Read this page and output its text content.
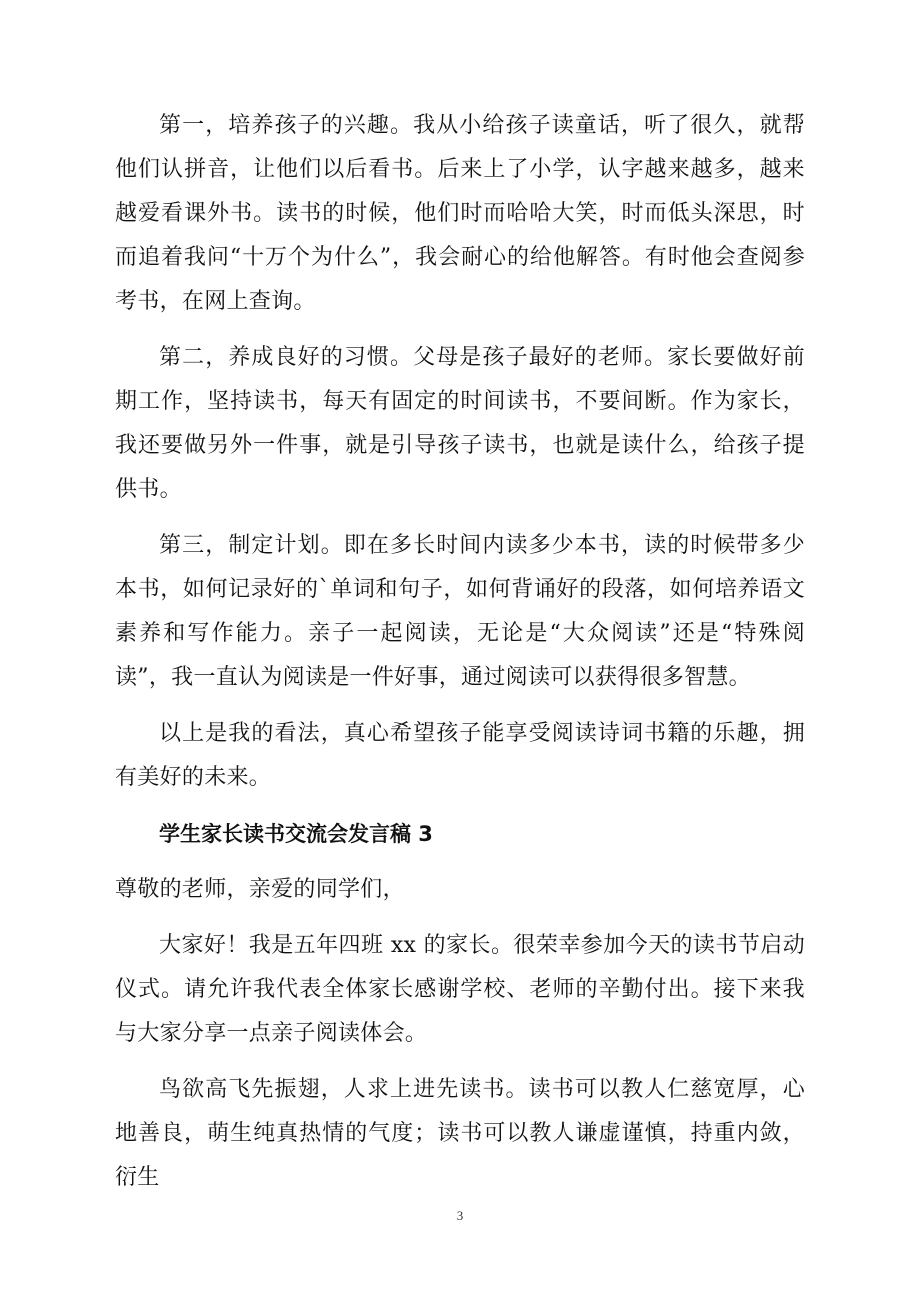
第一，培养孩子的兴趣。我从小给孩子读童话，听了很久，就帮他们认拼音，让他们以后看书。后来上了小学，认字越来越多，越来越爱看课外书。读书的时候，他们时而哈哈大笑，时而低头深思，时而追着我问“十万个为什么”，我会耐心的给他解答。有时他会查阅参考书，在网上查询。

第二，养成良好的习惯。父母是孩子最好的老师。家长要做好前期工作，坚持读书，每天有固定的时间读书，不要间断。作为家长，我还要做另外一件事，就是引导孩子读书，也就是读什么，给孩子提供书。

第三，制定计划。即在多长时间内读多少本书，读的时候带多少本书，如何记录好的`单词和句子，如何背诵好的段落，如何培养语文素养和写作能力。亲子一起阅读，无论是“大众阅读”还是“特殊阅读”，我一直认为阅读是一件好事，通过阅读可以获得很多智慧。

以上是我的看法，真心希望孩子能享受阅读诗词书籍的乐趣，拥有美好的未来。

学生家长读书交流会发言稿 3

尊敬的老师，亲爱的同学们，

大家好！我是五年四班 xx 的家长。很荣幸参加今天的读书节启动仪式。请允许我代表全体家长感谢学校、老师的辛勤付出。接下来我与大家分享一点亲子阅读体会。

鸟欲高飞先振翅，人求上进先读书。读书可以教人仁慈宽厚，心地善良，萌生纯真热情的气度；读书可以教人谦虚谨慎，持重内敛，衍生

3
